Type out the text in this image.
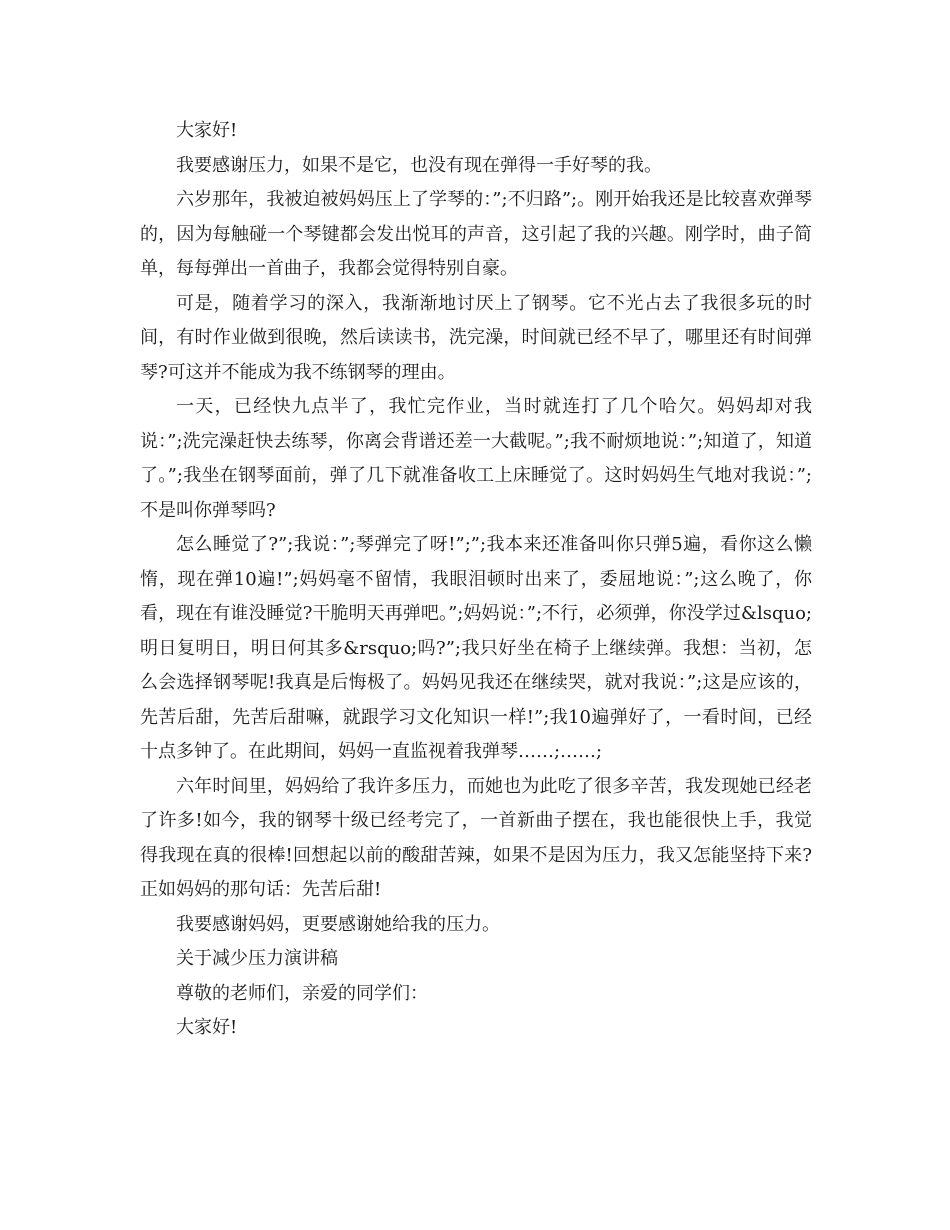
大家好!

我要感谢压力，如果不是它，也没有现在弹得一手好琴的我。

六岁那年，我被迫被妈妈压上了学琴的：”;不归路”;。刚开始我还是比较喜欢弹琴的，因为每触碰一个琴键都会发出悦耳的声音，这引起了我的兴趣。刚学时，曲子简单，每每弹出一首曲子，我都会觉得特别自豪。

可是，随着学习的深入，我渐渐地讨厌上了钢琴。它不光占去了我很多玩的时间，有时作业做到很晚，然后读读书，洗完澡，时间就已经不早了，哪里还有时间弹琴?可这并不能成为我不练钢琴的理由。

一天，已经快九点半了，我忙完作业，当时就连打了几个哈欠。妈妈却对我说：”;洗完澡赶快去练琴，你离会背谱还差一大截呢。”;我不耐烦地说：”;知道了，知道了。”;我坐在钢琴面前，弹了几下就准备收工上床睡觉了。这时妈妈生气地对我说：”;不是叫你弹琴吗?

怎么睡觉了?”;我说：”;琴弹完了呀!”;”;我本来还准备叫你只弹5遍，看你这么懒惰，现在弹10遍!”;妈妈毫不留情，我眼泪顿时出来了，委屈地说：”;这么晚了，你看，现在有谁没睡觉?干脆明天再弹吧。”;妈妈说：”;不行，必须弹，你没学过&lsquo;明日复明日，明日何其多&rsquo;吗?”;我只好坐在椅子上继续弹。我想：当初，怎么会选择钢琴呢!我真是后悔极了。妈妈见我还在继续哭，就对我说：”;这是应该的，先苦后甜，先苦后甜嘛，就跟学习文化知识一样!”;我10遍弹好了，一看时间，已经十点多钟了。在此期间，妈妈一直监视着我弹琴……;……;

六年时间里，妈妈给了我许多压力，而她也为此吃了很多辛苦，我发现她已经老了许多!如今，我的钢琴十级已经考完了，一首新曲子摆在，我也能很快上手，我觉得我现在真的很棒!回想起以前的酸甜苦辣，如果不是因为压力，我又怎能坚持下来?正如妈妈的那句话：先苦后甜!

我要感谢妈妈，更要感谢她给我的压力。

关于减少压力演讲稿

尊敬的老师们，亲爱的同学们：

大家好!
